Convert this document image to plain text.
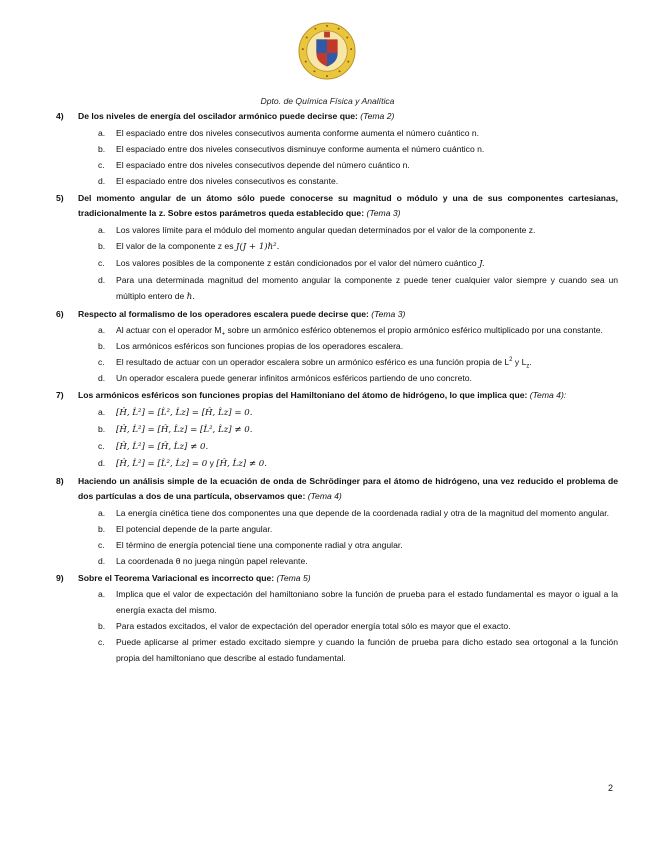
Dpto. de Química Física y Analítica
4) De los niveles de energía del oscilador armónico puede decirse que: (Tema 2)
a. El espaciado entre dos niveles consecutivos aumenta conforme aumenta el número cuántico n.
b. El espaciado entre dos niveles consecutivos disminuye conforme aumenta el número cuántico n.
c. El espaciado entre dos niveles consecutivos depende del número cuántico n.
d. El espaciado entre dos niveles consecutivos es constante.
5) Del momento angular de un átomo sólo puede conocerse su magnitud o módulo y una de sus componentes cartesianas, tradicionalmente la z. Sobre estos parámetros queda establecido que: (Tema 3)
a. Los valores límite para el módulo del momento angular quedan determinados por el valor de la componente z.
b. El valor de la componente z es J(J + 1)ℏ².
c. Los valores posibles de la componente z están condicionados por el valor del número cuántico J.
d. Para una determinada magnitud del momento angular la componente z puede tener cualquier valor siempre y cuando sea un múltiplo entero de ℏ.
6) Respecto al formalismo de los operadores escalera puede decirse que: (Tema 3)
a. Al actuar con el operador $M_+$ sobre un armónico esférico obtenemos el propio armónico esférico multiplicado por una constante.
b. Los armónicos esféricos son funciones propias de los operadores escalera.
c. El resultado de actuar con un operador escalera sobre un armónico esférico es una función propia de $L^2$ y $L_z$.
d. Un operador escalera puede generar infinitos armónicos esféricos partiendo de uno concreto.
7) Los armónicos esféricos son funciones propias del Hamiltoniano del átomo de hidrógeno, lo que implica que: (Tema 4):
a. [Ĥ, L̂²] = [L̂², L̂z] = [Ĥ, L̂z] = 0.
b. [Ĥ, L̂²] = [Ĥ, L̂z] = [L̂², L̂z] ≠ 0.
c. [Ĥ, L̂²] = [Ĥ, L̂z] ≠ 0.
d. [Ĥ, L̂²] = [L̂², L̂z] = 0 y [Ĥ, L̂z] ≠ 0.
8) Haciendo un análisis simple de la ecuación de onda de Schrödinger para el átomo de hidrógeno, una vez reducido el problema de dos partículas a dos de una partícula, observamos que: (Tema 4)
a. La energía cinética tiene dos componentes una que depende de la coordenada radial y otra de la magnitud del momento angular.
b. El potencial depende de la parte angular.
c. El término de energía potencial tiene una componente radial y otra angular.
d. La coordenada θ no juega ningún papel relevante.
9) Sobre el Teorema Variacional es incorrecto que: (Tema 5)
a. Implica que el valor de expectación del hamiltoniano sobre la función de prueba para el estado fundamental es mayor o igual a la energía exacta del mismo.
b. Para estados excitados, el valor de expectación del operador energía total sólo es mayor que el exacto.
c. Puede aplicarse al primer estado excitado siempre y cuando la función de prueba para dicho estado sea ortogonal a la función propia del hamiltoniano que describe al estado fundamental.
2
